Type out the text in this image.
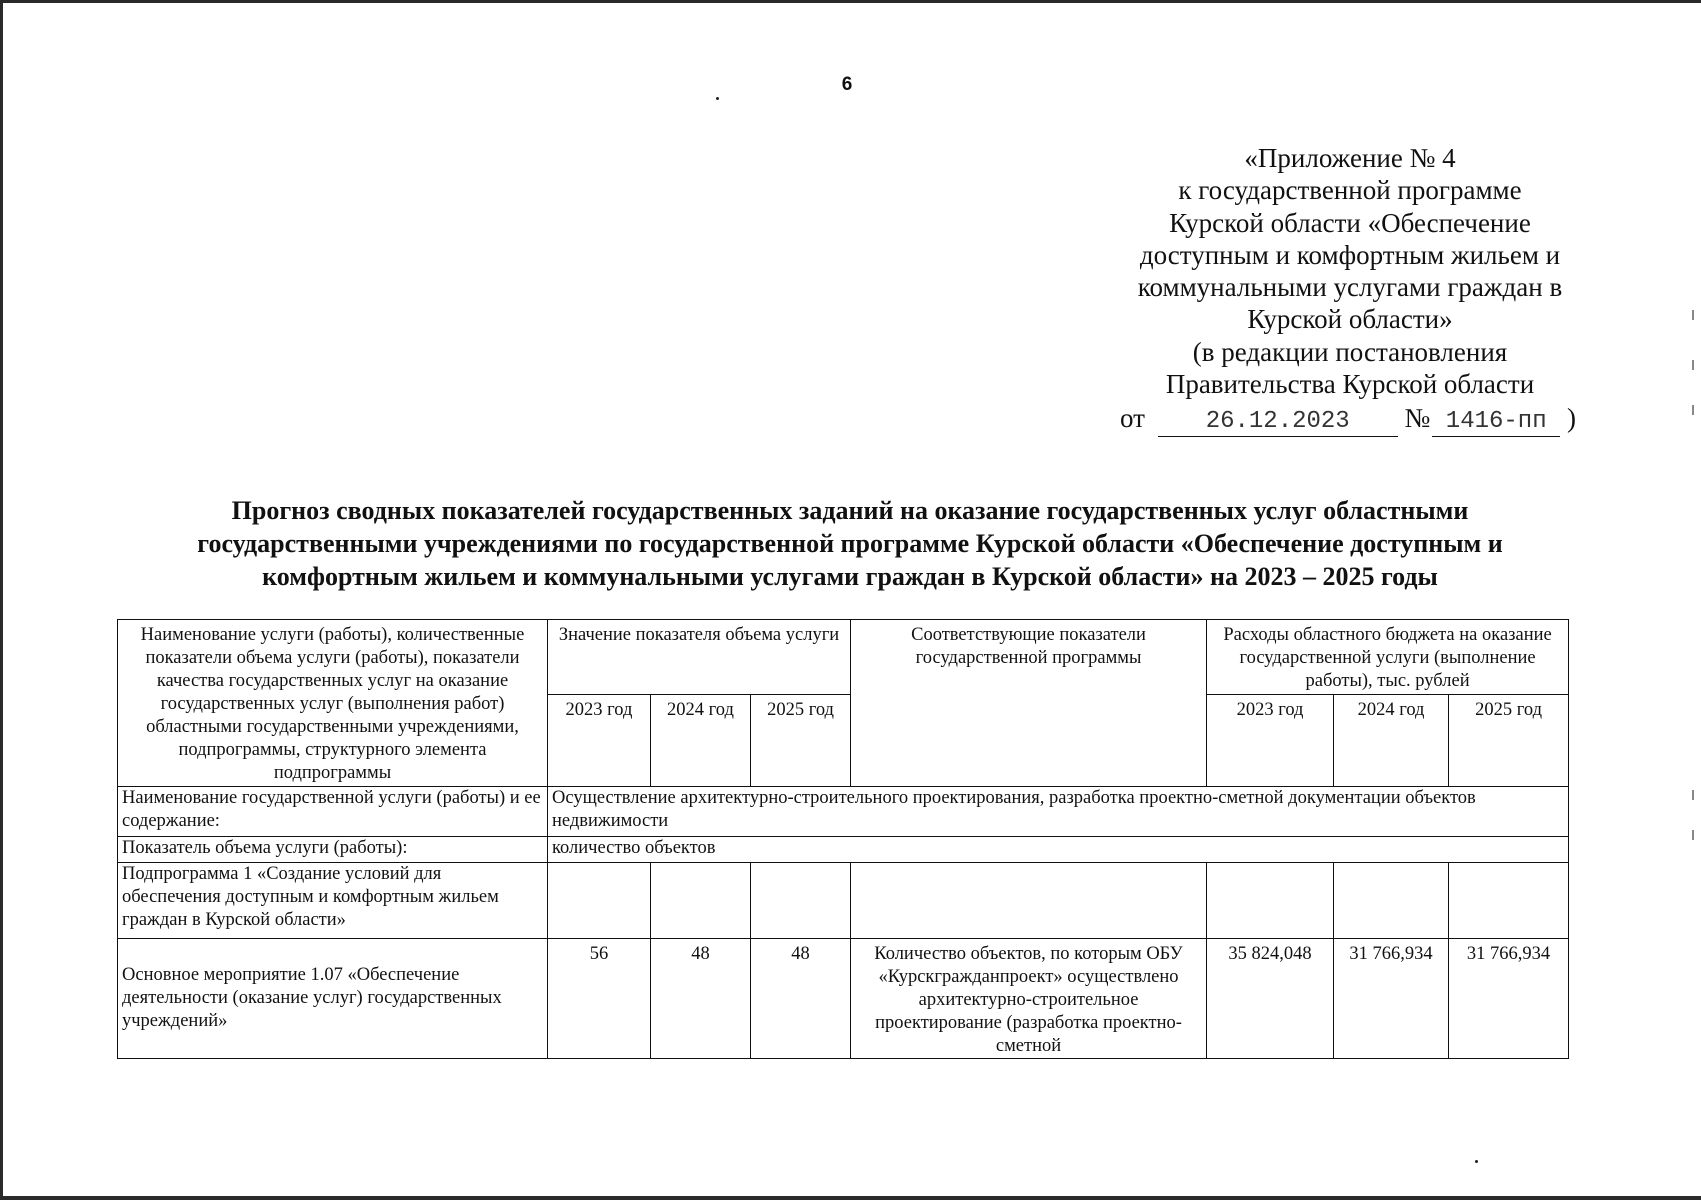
6
«Приложение № 4
к государственной программе
Курской области «Обеспечение
доступным и комфортным жильем и
коммунальными услугами граждан в
Курской области»
(в редакции постановления
Правительства Курской области
от	26.12.2023 № 1416-пп )
Прогноз сводных показателей государственных заданий на оказание государственных услуг областными
государственными учреждениями по государственной программе Курской области «Обеспечение доступным и
комфортным жильем и коммунальными услугами граждан в Курской области» на 2023 – 2025 годы
Наименование услуги (работы), количественные показатели объема услуги (работы), показатели качества государственных услуг на оказание государственных услуг (выполнения работ) областными государственными учреждениями, подпрограммы, структурного элемента подпрограммы	Значение показателя объема услуги			Соответствующие показатели государственной программы	Расходы областного бюджета на оказание государственной услуги (выполнение работы), тыс. рублей		
	2023 год	2024 год	2025 год		2023 год	2024 год	2025 год
Наименование государственной услуги (работы) и ее содержание:	Осуществление архитектурно-строительного проектирования, разработка проектно-сметной документации объектов недвижимости						
Показатель объема услуги (работы):	количество объектов						
Подпрограмма 1 «Создание условий для обеспечения доступным и комфортным жильем граждан в Курской области»							
Основное мероприятие 1.07 «Обеспечение деятельности (оказание услуг) государственных учреждений»	56	48	48	Количество объектов, по которым ОБУ «Курскгражданпроект» осуществлено архитектурно-строительное проектирование (разработка проектно-сметной	35 824,048	31 766,934	31 766,934
